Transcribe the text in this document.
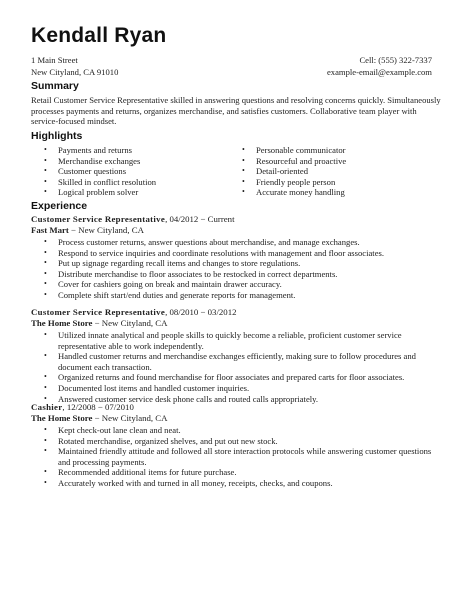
Kendall Ryan
1 Main Street
New Cityland, CA 91010
Cell: (555) 322-7337
example-email@example.com
Summary
Retail Customer Service Representative skilled in answering questions and resolving concerns quickly. Simultaneously processes payments and returns, organizes merchandise, and satisfies customers. Collaborative team player with service-focused mindset.
Highlights
• Payments and returns
• Merchandise exchanges
• Customer questions
• Skilled in conflict resolution
• Logical problem solver
• Personable communicator
• Resourceful and proactive
• Detail-oriented
• Friendly people person
• Accurate money handling
Experience
Customer Service Representative, 04/2012 − Current
Fast Mart − New Cityland, CA
• Process customer returns, answer questions about merchandise, and manage exchanges.
• Respond to service inquiries and coordinate resolutions with management and floor associates.
• Put up signage regarding recall items and changes to store regulations.
• Distribute merchandise to floor associates to be restocked in correct departments.
• Cover for cashiers going on break and maintain drawer accuracy.
• Complete shift start/end duties and generate reports for management.
Customer Service Representative, 08/2010 − 03/2012
The Home Store − New Cityland, CA
• Utilized innate analytical and people skills to quickly become a reliable, proficient customer service representative able to work independently.
• Handled customer returns and merchandise exchanges efficiently, making sure to follow procedures and document each transaction.
• Organized returns and found merchandise for floor associates and prepared carts for floor associates.
• Documented lost items and handled customer inquiries.
• Answered customer service desk phone calls and routed calls appropriately.
Cashier, 12/2008 − 07/2010
The Home Store − New Cityland, CA
• Kept check-out lane clean and neat.
• Rotated merchandise, organized shelves, and put out new stock.
• Maintained friendly attitude and followed all store interaction protocols while answering customer questions and processing payments.
• Recommended additional items for future purchase.
• Accurately worked with and turned in all money, receipts, checks, and coupons.
